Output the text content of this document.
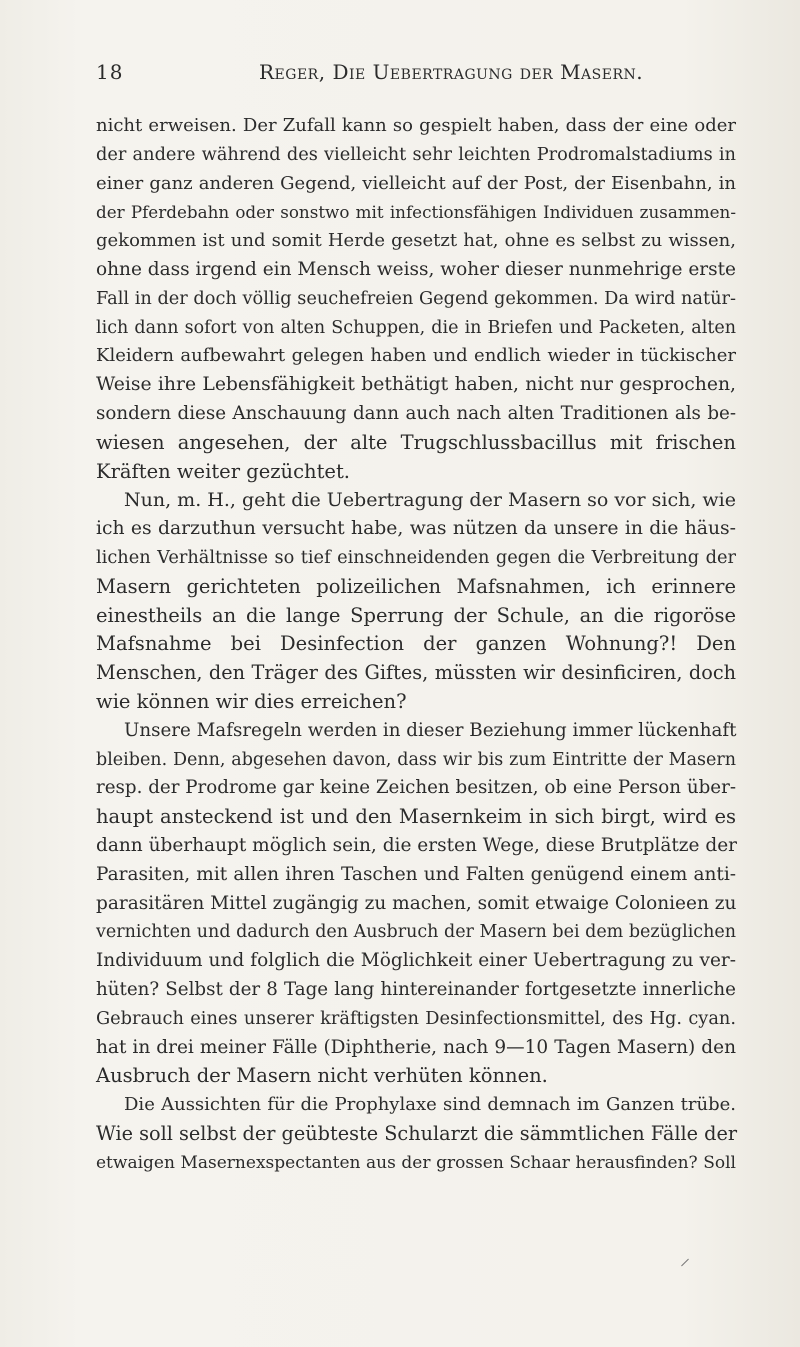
18	Reger, Die Uebertragung der Masern.
nicht erweisen. Der Zufall kann so gespielt haben, dass der eine oder
der andere während des vielleicht sehr leichten Prodromalstadiums in
einer ganz anderen Gegend, vielleicht auf der Post, der Eisenbahn, in
der Pferdebahn oder sonstwo mit infectionsfähigen Individuen zusammen-
gekommen ist und somit Herde gesetzt hat, ohne es selbst zu wissen,
ohne dass irgend ein Mensch weiss, woher dieser nunmehrige erste
Fall in der doch völlig seuchefreien Gegend gekommen. Da wird natür-
lich dann sofort von alten Schuppen, die in Briefen und Packeten, alten
Kleidern aufbewahrt gelegen haben und endlich wieder in tückischer
Weise ihre Lebensfähigkeit bethätigt haben, nicht nur gesprochen,
sondern diese Anschauung dann auch nach alten Traditionen als be-
wiesen angesehen, der alte Trugschlussbacillus mit frischen
Kräften weiter gezüchtet.
Nun, m. H., geht die Uebertragung der Masern so vor sich, wie
ich es darzuthun versucht habe, was nützen da unsere in die häus-
lichen Verhältnisse so tief einschneidenden gegen die Verbreitung der
Masern gerichteten polizeilichen Mafsnahmen, ich erinnere
einestheils an die lange Sperrung der Schule, an die rigoröse
Mafsnahme bei Desinfection der ganzen Wohnung?! Den
Menschen, den Träger des Giftes, müssten wir desinficiren, doch
wie können wir dies erreichen?
Unsere Mafsregeln werden in dieser Beziehung immer lückenhaft
bleiben. Denn, abgesehen davon, dass wir bis zum Eintritte der Masern
resp. der Prodrome gar keine Zeichen besitzen, ob eine Person über-
haupt ansteckend ist und den Masernkeim in sich birgt, wird es
dann überhaupt möglich sein, die ersten Wege, diese Brutplätze der
Parasiten, mit allen ihren Taschen und Falten genügend einem anti-
parasitären Mittel zugängig zu machen, somit etwaige Colonieen zu
vernichten und dadurch den Ausbruch der Masern bei dem bezüglichen
Individuum und folglich die Möglichkeit einer Uebertragung zu ver-
hüten? Selbst der 8 Tage lang hintereinander fortgesetzte innerliche
Gebrauch eines unserer kräftigsten Desinfectionsmittel, des Hg. cyan.
hat in drei meiner Fälle (Diphtherie, nach 9—10 Tagen Masern) den
Ausbruch der Masern nicht verhüten können.
Die Aussichten für die Prophylaxe sind demnach im Ganzen trübe.
Wie soll selbst der geübteste Schularzt die sämmtlichen Fälle der
etwaigen Masernexspectanten aus der grossen Schaar herausfinden? Soll
